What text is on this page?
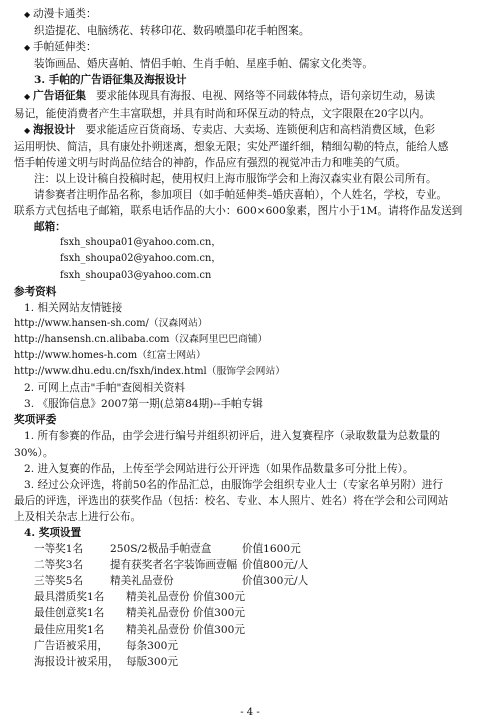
◆ 动漫卡通类：
织造提花、电脑绣花、转移印花、数码喷墨印花手帕图案。
◆ 手帕延伸类：
装饰画品、婚庆喜帕、情侣手帕、生肖手帕、星座手帕、儒家文化类等。
3. 手帕的广告语征集及海报设计
◆ 广告语征集 要求能体现具有海报、电视、网络等不同载体特点，语句亲切生动，易读
易记，能使消费者产生丰富联想，并具有时尚和环保互动的特点，文字限限在20字以内。
◆ 海报设计 要求能适应百货商场、专卖店、大卖场、连锁便利店和高档消费区域，色彩
运用明快、简洁，具有康处扑朔迷离，想象无限；实处严谨纤细，精细勾勒的特点，能给人感
悟手帕传递文明与时尚品位结合的神韵，作品应有强烈的视觉冲击力和唯美的气质。
注：以上设计稿自投稿时起，使用权归上海市服饰学会和上海汉森实业有限公司所有。
请参赛者注明作品名称，参加项目（如手帕延伸类–婚庆喜帕），个人姓名，学校，专业。
联系方式包括电子邮箱，联系电话作品的大小：600×600象素，图片小于1M。请将作品发送到
邮箱：
fsxh_shoupa01@yahoo.com.cn，
fsxh_shoupa02@yahoo.com.cn，
fsxh_shoupa03@yahoo.com.cn
参考资料
1. 相关网站友情链接
http://www.hansen-sh.com/（汉森网站）
http://hansensh.cn.alibaba.com（汉森阿里巴巴商铺）
http://www.homes-h.com（红富士网站）
http://www.dhu.edu.cn/fsxh/index.html（服饰学会网站）
2. 可网上点击"手帕"查阅相关资料
3. 《服饰信息》2007第一期(总第84期)--手帕专辑
奖项评委
1. 所有参赛的作品，由学会进行编号并组织初评后，进入复赛程序（录取数量为总数量的
30%）。
2. 进入复赛的作品，上传至学会网站进行公开评选（如果作品数量多可分批上传）。
3. 经过公众评选，将前50名的作品汇总，由服饰学会组织专业人士（专家名单另附）进行
最后的评选，评选出的获奖作品（包括：校名、专业、本人照片、姓名）将在学会和公司网站
上及相关杂志上进行公布。
4. 奖项设置
一等奖1名	250S/2极品手帕壹盒	价值1600元
二等奖3名	提有获奖者名字装饰画壹幅 价值800元/人
三等奖5名	精美礼品壹份	价值300元/人
最具潜质奖1名	精美礼品壹份 价值300元
最佳创意奖1名	精美礼品壹份 价值300元
最佳应用奖1名	精美礼品壹份 价值300元
广告语被采用，	每条300元
海报设计被采用， 每版300元
- 4 -
